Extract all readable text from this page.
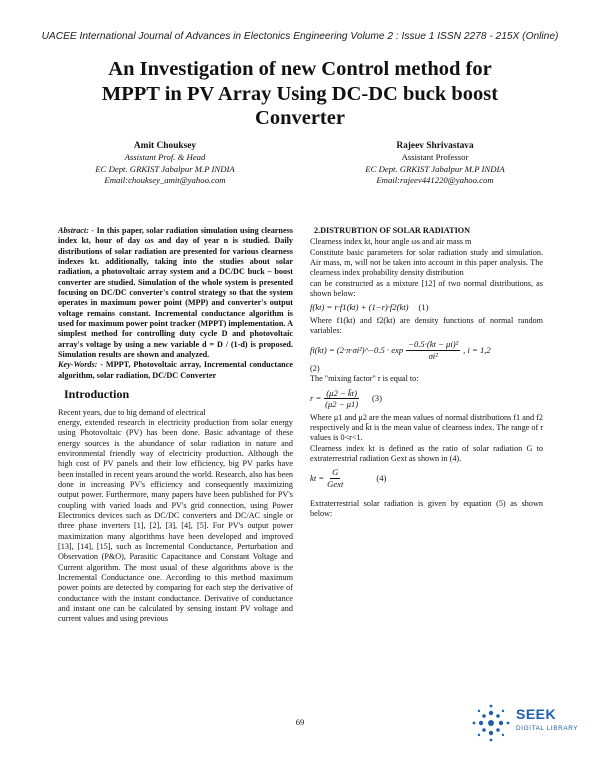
UACEE International Journal of Advances in Electonics Engineering Volume 2 : Issue 1 ISSN 2278 - 215X (Online)
An Investigation of new Control method for
MPPT in PV Array Using DC-DC buck boost
Converter
Amit Chouksey
Assistant Prof. & Head
EC Dept. GRKIST Jabalpur M.P INDIA
Email:chouksey_amit@yahoo.com
Rajeev Shrivastava
Assistant Professor
EC Dept. GRKIST Jabalpur M.P INDIA
Email:rajeev441220@yahoo.com

Abstract: - In this paper, solar radiation simulation using clearness index kt, hour of day ωs and day of year n is studied. Daily distributions of solar radiation are presented for various clearness indexes kt. additionally, taking into the studies about solar radiation, a photovoltaic array system and a DC/DC buck – boost converter are studied. Simulation of the whole system is presented focusing on DC/DC converter's control strategy so that the system operates in maximum power point (MPP) and converter's output voltage remains constant. Incremental conductance algorithm is used for maximum power point tracker (MPPT) implementation. A simplest method for controlling duty cycle D and photovoltaic array's voltage by using a new variable d = D / (1-d) is proposed. Simulation results are shown and analyzed.

Key-Words: - MPPT, Photovoltaic array, Incremental conductance algorithm, solar radiation, DC/DC Converter

Introduction

Recent years, due to big demand of electrical

energy, extended research in electricity production from solar energy using Photovoltaic (PV) has been done. Basic advantage of these energy sources is the abundance of solar radiation in nature and environmental friendly way of electricity production. Although the high cost of PV panels and their low efficiency, big PV parks have been installed in recent years around the world. Research, also has been done in increasing PV's efficiency and consequently maximizing output power. Furthermore, many papers have been published for PV's coupling with varied loads and PV's grid connection, using Power Electronics devices such as DC/DC converters and DC/AC single or three phase inverters [1], [2], [3], [4], [5]. For PV's output power maximization many algorithms have been developed and improved [13], [14], [15], such as Incremental Conductance, Perturbation and Observation (P&O), Parasitic Capacitance and Constant Voltage and Current algorithm. The most usual of these algorithms above is the Incremental Conductance one. According to this method maximum power points are detected by comparing for each step the derivative of conductance with the instant conductance. Derivative of conductance and instant one can be calculated by sensing instant PV voltage and current values and using previous

2.DISTRUBTION OF SOLAR RADIATION

Clearness index kt, hour angle ωs and air mass m

Constitute basic parameters for solar radiation study and simulation. Air mass, m, will not be taken into account in this paper analysis. The clearness index probability density distribution

can be constructed as a mixture [12] of two normal distributions, as shown below:

f(kt) = r·f1(kt) + (1−r)·f2(kt) (1)

Where f1(kt) and f2(kt) are density functions of normal random variables:

fi(kt) = (2·π·σi²)^−0.5 · $\exp \frac{\text{−0.5·(kt − μi)²}}{\text{σi²}}$ , i = 1,2

(2)

The "mixing factor" r is equal to:

$r = \frac{(\mu 2 - k̄t)}{(\mu 2 - \mu 1)} (3)$

Where μ1 and μ2 are the mean values of normal distributions f1 and f2 respectively and k̄t is the mean value of clearness index. The range of r values is 0<r<1.

Clearness index kt is defined as the ratio of solar radiation G to extraterrestrial radiation Gext as shown in (4).

kt = $\frac{G}{\text{Gext}}$	(4)

Extraterrestrial solar radiation is given by equation (5) as shown below:

69	SEEK
DIGITAL LIBRARY
